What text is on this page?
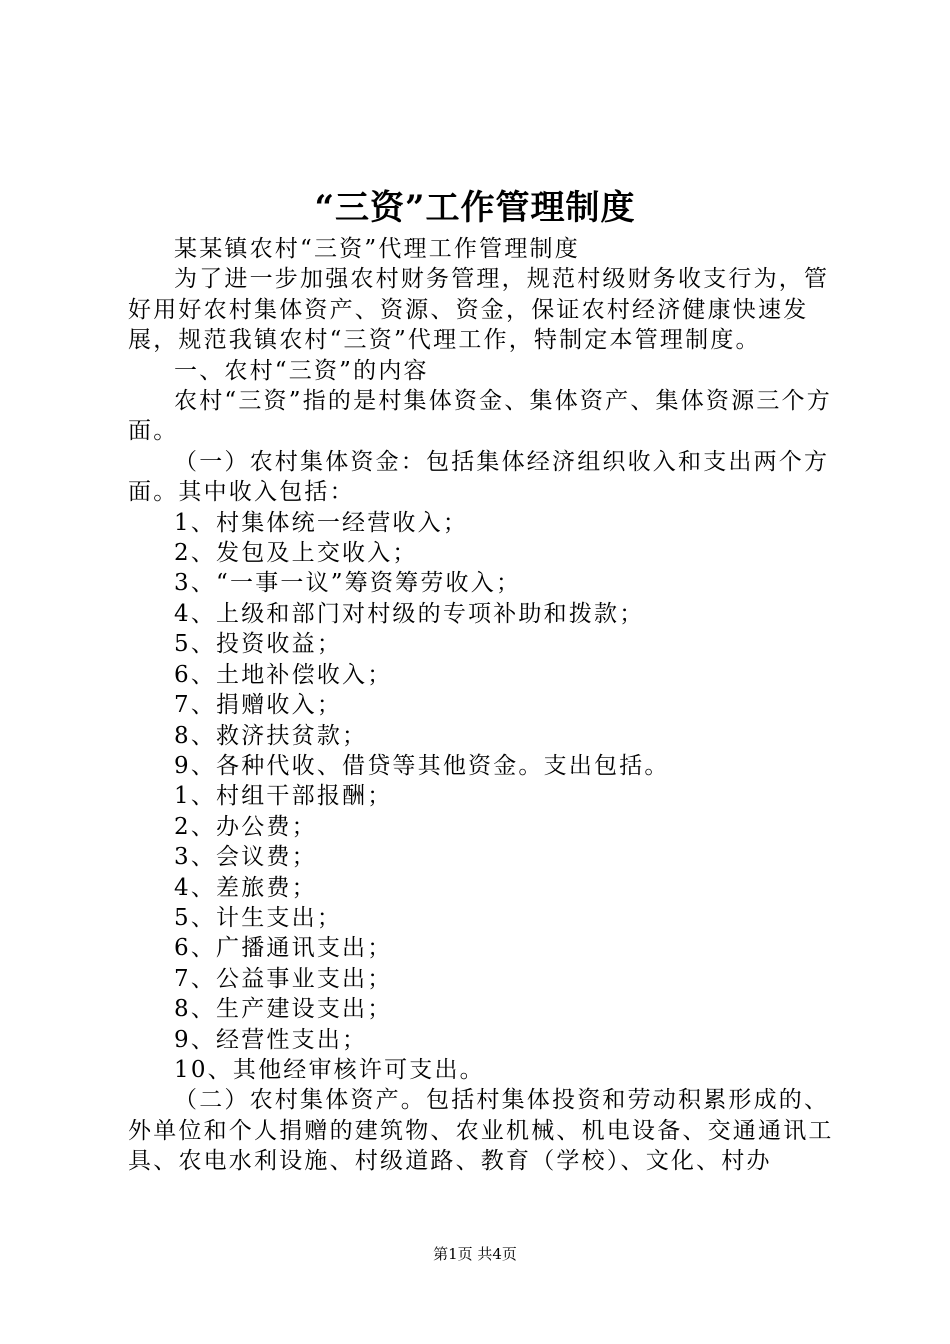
“三资”工作管理制度

某某镇农村“三资”代理工作管理制度

为了进一步加强农村财务管理，规范村级财务收支行为，管好用好农村集体资产、资源、资金，保证农村经济健康快速发展，规范我镇农村“三资”代理工作，特制定本管理制度。

一、农村“三资”的内容

农村“三资”指的是村集体资金、集体资产、集体资源三个方面。

（一）农村集体资金：包括集体经济组织收入和支出两个方面。其中收入包括：

1、村集体统一经营收入；

2、发包及上交收入；

3、“一事一议”筹资筹劳收入；

4、上级和部门对村级的专项补助和拨款；

5、投资收益；

6、土地补偿收入；

7、捐赠收入；

8、救济扶贫款；

9、各种代收、借贷等其他资金。支出包括。

1、村组干部报酬；

2、办公费；

3、会议费；

4、差旅费；

5、计生支出；

6、广播通讯支出；

7、公益事业支出；

8、生产建设支出；

9、经营性支出；

10、其他经审核许可支出。

（二）农村集体资产。包括村集体投资和劳动积累形成的、外单位和个人捐赠的建筑物、农业机械、机电设备、交通通讯工具、农电水利设施、村级道路、教育（学校）、文化、村办

第1页 共4页
